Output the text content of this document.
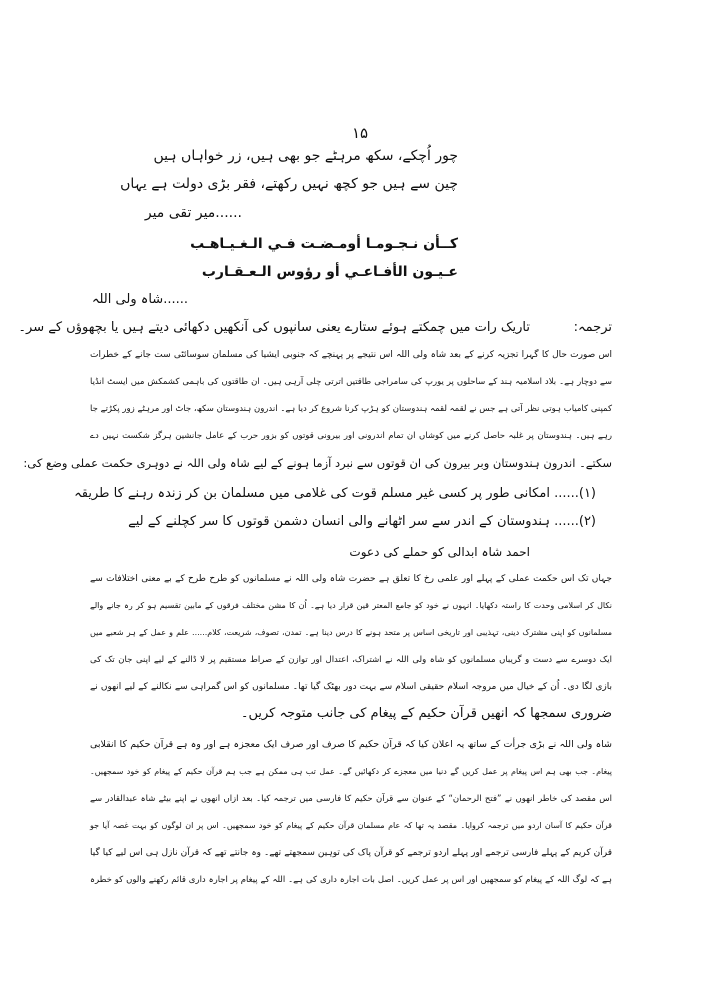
۱۵
چور اُچکے، سکھ مرہٹے جو بھی ہیں، زر خواہاں ہیں
چین سے ہیں جو کچھ نہیں رکھتے، فقر بڑی دولت ہے یہاں
......میر تقی میر
كــأن نـجـومـا أومـضـت فـي الـغـيـاهـب
عـيـون الأفـاعـي أو رؤوس الـعـقـارب
......شاہ ولی اللہ
ترجمہ:
تاریک رات میں چمکتے ہوئے ستارے یعنی سانپوں کی آنکھیں دکھائی دیتے ہیں یا بچھوؤں کے سر۔
اس صورت حال کا گہرا تجزیہ کرنے کے بعد شاہ ولی اللہ اس نتیجے پر پہنچے کہ جنوبی ایشیا کی مسلمان سوسائٹی ست جانے کے خطرات
سے دوچار ہے۔ بلاد اسلامیہ ہند کے ساحلوں پر یورپ کی سامراجی طاقتیں اترتی چلی آرہی ہیں۔ ان طاقتوں کی باہمی کشمکش میں ایسٹ انڈیا
کمپنی کامیاب ہوتی نظر آتی ہے جس نے لقمہ لقمہ ہندوستان کو ہڑپ کرنا شروع کر دیا ہے۔ اندرون ہندوستان سکھ، جاٹ اور مرہٹے زور پکڑتے جا
رہے ہیں۔ ہندوستان پر غلبہ حاصل کرنے میں کوشاں ان تمام اندرونی اور بیرونی قوتوں کو بزور حرب کے عامل جانشین ہرگز شکست نہیں دے
سکتے۔ اندرون ہندوستان وبر بیرون کی ان قوتوں سے نبرد آزما ہونے کے لیے شاہ ولی اللہ نے دوہری حکمت عملی وضع کی:
(۱)...... امکانی طور پر کسی غیر مسلم قوت کی غلامی میں مسلمان بن کر زندہ رہنے کا طریقہ
(۲)...... ہندوستان کے اندر سے سر اٹھانے والی انسان دشمن قوتوں کا سر کچلنے کے لیے
احمد شاہ ابدالی کو حملے کی دعوت
جہاں تک اس حکمت عملی کے پہلے اور علمی رخ کا تعلق ہے حضرت شاہ ولی اللہ نے مسلمانوں کو طرح طرح کے بے معنی اختلافات سے
نکال کر اسلامی وحدت کا راستہ دکھایا۔ انہوں نے خود کو جامع المعتر قین قرار دیا ہے۔ اُن کا مشن مختلف فرقوں کے مابین تقسیم ہو کر رہ جانے والے
مسلمانوں کو اپنی مشترک دینی، تہذیبی اور تاریخی اساس پر متحد ہونے کا درس دینا ہے۔ تمدن، تصوف، شریعت، کلام...... علم و عمل کے ہر شعبے میں
ایک دوسرے سے دست و گریباں مسلمانوں کو شاہ ولی اللہ نے اشتراک، اعتدال اور توازن کے صراط مستقیم پر لا ڈالنے کے لیے اپنی جان تک کی
بازی لگا دی۔ اُن کے خیال میں مروجہ اسلام حقیقی اسلام سے بہت دور بھٹک گیا تھا۔ مسلمانوں کو اس گمراہی سے نکالنے کے لیے انھوں نے
ضروری سمجھا کہ انھیں قرآن حکیم کے پیغام کی جانب متوجہ کریں۔
شاہ ولی اللہ نے بڑی جرأت کے ساتھ یہ اعلان کیا کہ قرآن حکیم کا صرف اور صرف ایک معجزہ ہے اور وہ ہے قرآن حکیم کا انقلابی
پیغام۔ جب بھی ہم اس پیغام پر عمل کریں گے دنیا میں معجزے کر دکھائیں گے۔ عمل تب ہی ممکن ہے جب ہم قرآن حکیم کے پیغام کو خود سمجھیں۔
اس مقصد کی خاطر انھوں نے ”فتح الرحمان“ کے عنوان سے قرآن حکیم کا فارسی میں ترجمہ کیا۔ بعد ازاں انھوں نے اپنے بیٹے شاہ عبدالقادر سے
قرآن حکیم کا آسان اردو میں ترجمہ کروایا۔ مقصد یہ تھا کہ عام مسلمان قرآن حکیم کے پیغام کو خود سمجھیں۔ اس پر ان لوگوں کو بہت غصہ آیا جو
قرآن کریم کے پہلے فارسی ترجمے اور پہلے اردو ترجمے کو قرآن پاک کی توہین سمجھتے تھے۔ وہ جانتے تھے کہ قرآن نازل ہی اس لیے کیا گیا
ہے کہ لوگ اللہ کے پیغام کو سمجھیں اور اس پر عمل کریں۔ اصل بات اجارہ داری کی ہے۔ اللہ کے پیغام پر اجارہ داری قائم رکھنے والوں کو خطرہ
